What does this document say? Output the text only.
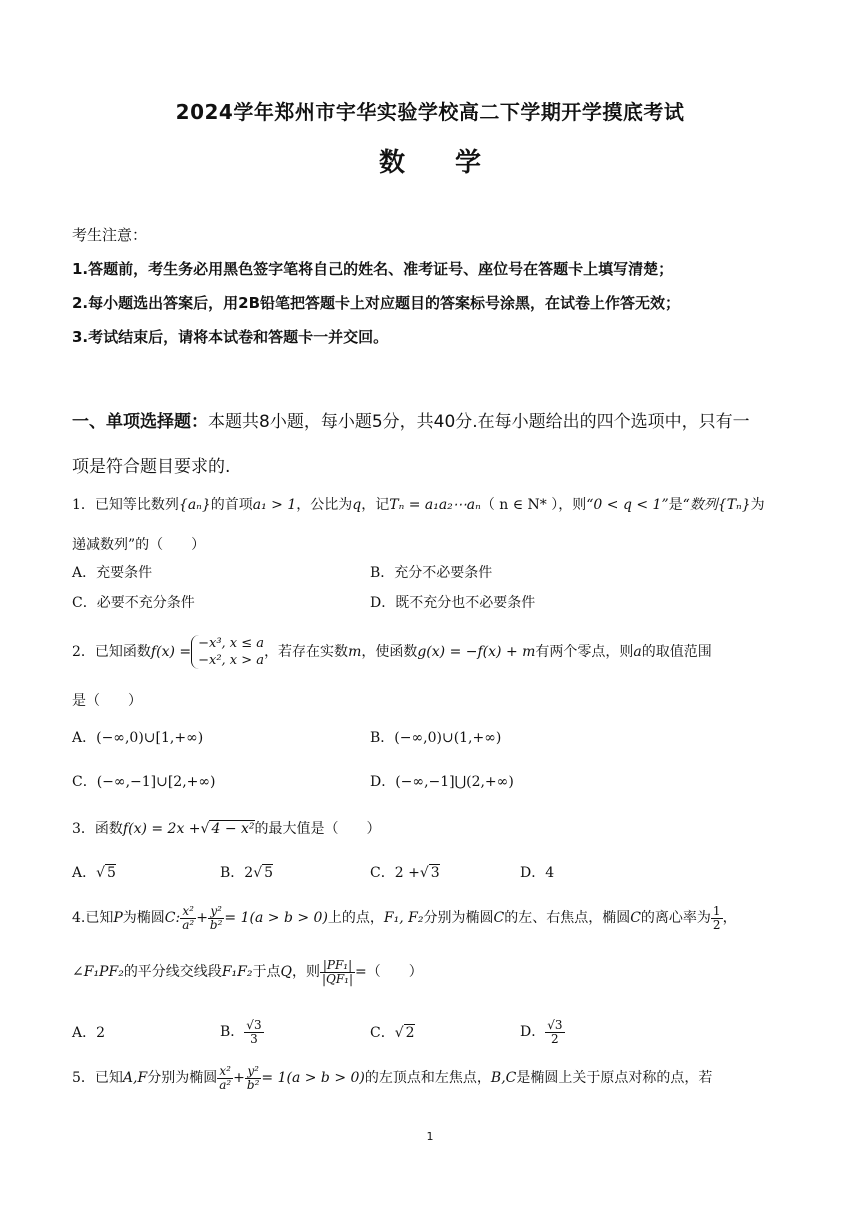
2024学年郑州市宇华实验学校高二下学期开学摸底考试
数学
考生注意：
1.答题前，考生务必用黑色签字笔将自己的姓名、准考证号、座位号在答题卡上填写清楚；
2.每小题选出答案后，用2B铅笔把答题卡上对应题目的答案标号涂黑，在试卷上作答无效；
3.考试结束后，请将本试卷和答题卡一并交回。
一、单项选择题：本题共8小题，每小题5分，共40分.在每小题给出的四个选项中，只有一
项是符合题目要求的.
1．已知等比数列{aₙ}的首项a₁ > 1，公比为q，记Tₙ = a₁a₂⋯aₙ（ n ∈ N* ），则“0 < q < 1”是“数列{Tₙ}为
递减数列”的（　　）
A．充要条件	B．充分不必要条件
C．必要不充分条件	D．既不充分也不必要条件
2．已知函数f(x) =
−x³, x ≤ a
−x², x > a
，若存在实数m，使函数g(x) = −f(x) + m有两个零点，则a的取值范围
是（　　）
A．(−∞,0)∪[1,+∞)	B．(−∞,0)∪(1,+∞)
C．(−∞,−1]∪[2,+∞)	D．(−∞,−1]⋃(2,+∞)
3．函数f(x) = 2x +√ 4 − x²的最大值是（　　）
A．√ 5	B．2√ 5	C．2 +√ 3	D．4
4.已知P为椭圆C: $\frac{\text{x²}}{\text{a²}} + \frac{\text{y²}}{\text{b²}} = 1(a > b > 0)$上的点，F₁, F₂分别为椭圆C的左、右焦点，椭圆C的离心率为 $\frac{1}{2}$ ，
∠F₁PF₂的平分线交线段F₁F₂于点Q，则 $\frac{\text{|PF₁|}}{\text{|QF₁|}}$ =（　　）
A．2	B． $\frac{√3}{3}$	C．√ 2	D． $\frac{√3}{2}$
5．已知A,F分别为椭圆 $\frac{\text{x²}}{\text{a²}} + \frac{\text{y²}}{\text{b²}} = 1(a > b > 0)$的左顶点和左焦点，B,C是椭圆上关于原点对称的点，若
1
